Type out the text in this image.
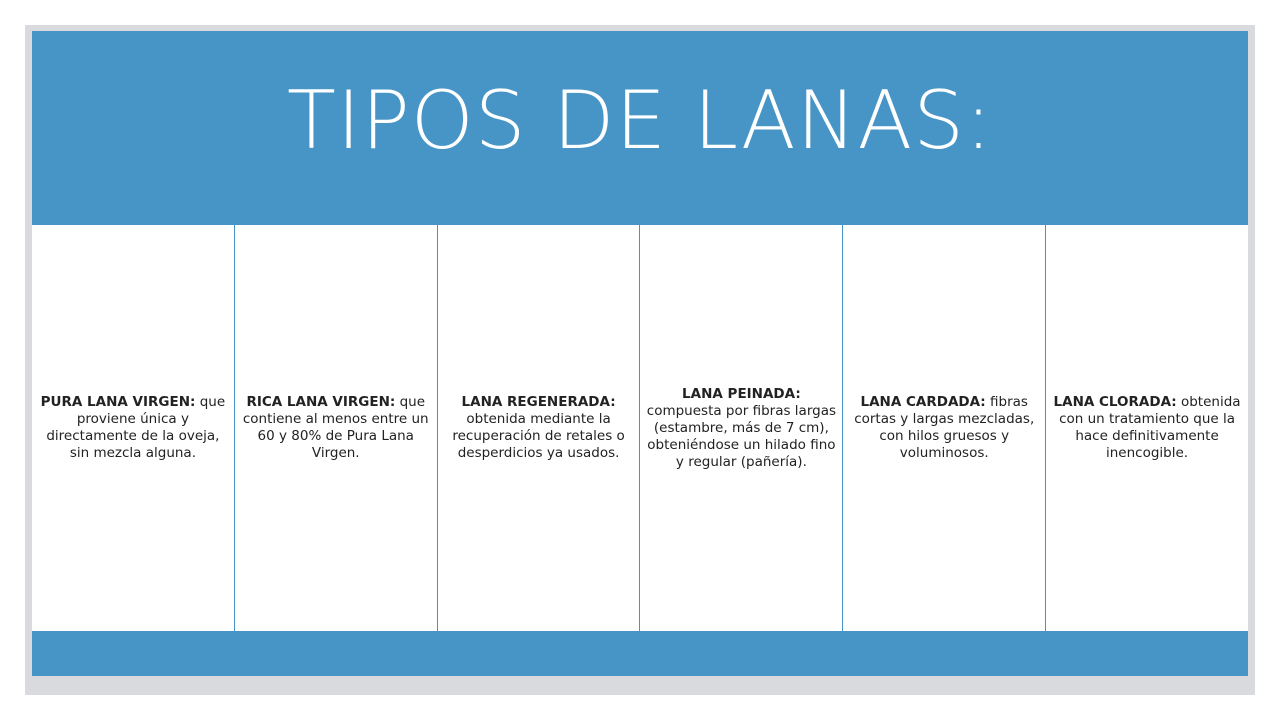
TIPOS DE LANAS:
PURA LANA VIRGEN: que proviene única y directamente de la oveja, sin mezcla alguna.
RICA LANA VIRGEN: que contiene al menos entre un 60 y 80% de Pura Lana Virgen.
LANA REGENERADA: obtenida mediante la recuperación de retales o desperdicios ya usados.
LANA PEINADA: compuesta por fibras largas (estambre, más de 7 cm), obteniéndose un hilado fino y regular (pañería).
LANA CARDADA: fibras cortas y largas mezcladas, con hilos gruesos y voluminosos.
LANA CLORADA: obtenida con un tratamiento que la hace definitivamente inencogible.
